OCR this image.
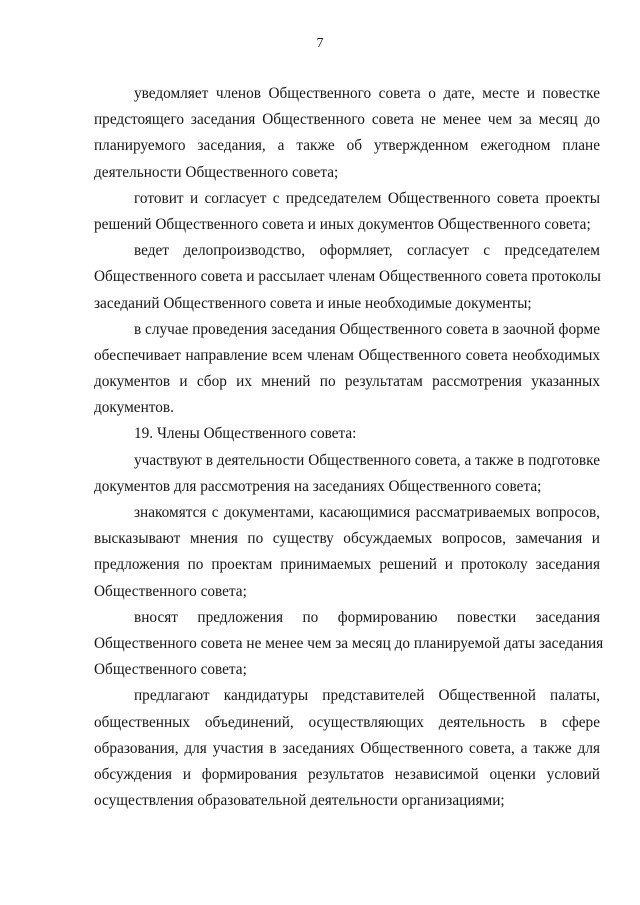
7
уведомляет членов Общественного совета о дате, месте и повестке
предстоящего заседания Общественного совета не менее чем за месяц до
планируемого заседания, а также об утвержденном ежегодном плане
деятельности Общественного совета;
готовит и согласует с председателем Общественного совета проекты
решений Общественного совета и иных документов Общественного совета;
ведет делопроизводство, оформляет, согласует с председателем
Общественного совета и рассылает членам Общественного совета протоколы
заседаний Общественного совета и иные необходимые документы;
в случае проведения заседания Общественного совета в заочной форме
обеспечивает направление всем членам Общественного совета необходимых
документов и сбор их мнений по результатам рассмотрения указанных
документов.
19. Члены Общественного совета:
участвуют в деятельности Общественного совета, а также в подготовке
документов для рассмотрения на заседаниях Общественного совета;
знакомятся с документами, касающимися рассматриваемых вопросов,
высказывают мнения по существу обсуждаемых вопросов, замечания и
предложения по проектам принимаемых решений и протоколу заседания
Общественного совета;
вносят предложения по формированию повестки заседания
Общественного совета не менее чем за месяц до планируемой даты заседания
Общественного совета;
предлагают кандидатуры представителей Общественной палаты,
общественных объединений, осуществляющих деятельность в сфере
образования, для участия в заседаниях Общественного совета, а также для
обсуждения и формирования результатов независимой оценки условий
осуществления образовательной деятельности организациями;
